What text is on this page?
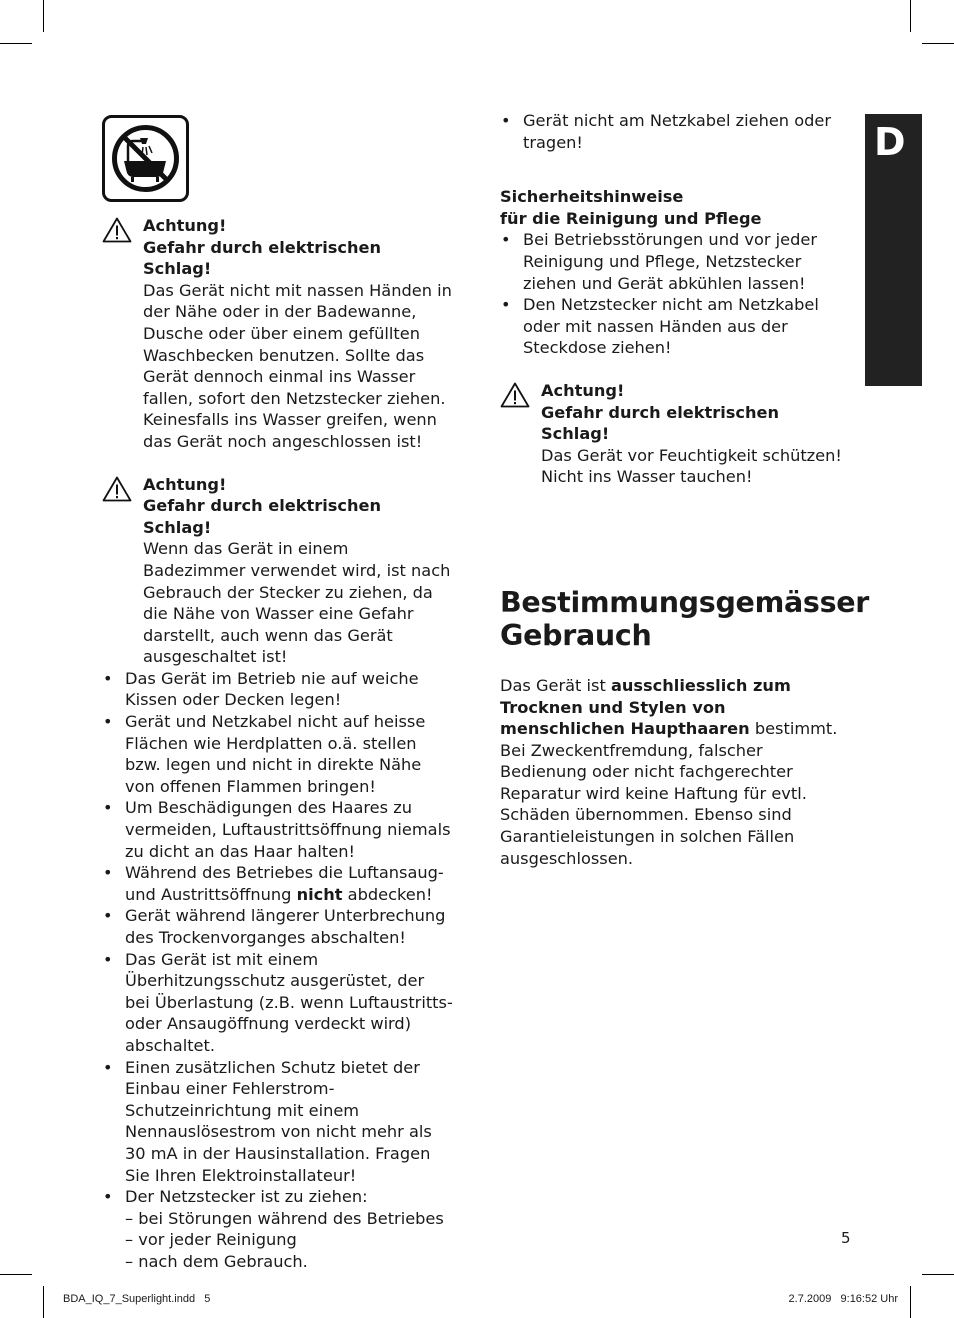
Achtung!
Gefahr durch elektrischen Schlag!
Das Gerät nicht mit nassen Händen in der Nähe oder in der Badewanne, Dusche oder über einem gefüllten Waschbecken benutzen. Sollte das Gerät dennoch einmal ins Wasser fallen, sofort den Netzstecker ziehen. Keinesfalls ins Wasser greifen, wenn das Gerät noch angeschlossen ist!
Achtung!
Gefahr durch elektrischen Schlag!
Wenn das Gerät in einem Badezimmer verwendet wird, ist nach Gebrauch der Stecker zu ziehen, da die Nähe von Wasser eine Gefahr darstellt, auch wenn das Gerät ausgeschaltet ist!
• Das Gerät im Betrieb nie auf weiche Kissen oder Decken legen!
• Gerät und Netzkabel nicht auf heisse Flächen wie Herdplatten o.ä. stellen bzw. legen und nicht in direkte Nähe von offenen Flammen bringen!
• Um Beschädigungen des Haares zu vermeiden, Luftaustrittsöffnung niemals zu dicht an das Haar halten!
• Während des Betriebes die Luftansaug- und Austrittsöffnung nicht abdecken!
• Gerät während längerer Unterbrechung des Trockenvorganges abschalten!
• Das Gerät ist mit einem Überhitzungsschutz ausgerüstet, der bei Überlastung (z.B. wenn Luftaustritts- oder Ansaugöffnung verdeckt wird) abschaltet.
• Einen zusätzlichen Schutz bietet der Einbau einer Fehlerstrom-Schutzeinrichtung mit einem Nennauslösestrom von nicht mehr als 30 mA in der Hausinstallation. Fragen Sie Ihren Elektroinstallateur!
• Der Netzstecker ist zu ziehen:
– bei Störungen während des Betriebes
– vor jeder Reinigung
– nach dem Gebrauch.
• Gerät nicht am Netzkabel ziehen oder tragen!
Sicherheitshinweise
für die Reinigung und Pflege
• Bei Betriebsstörungen und vor jeder Reinigung und Pflege, Netzstecker ziehen und Gerät abkühlen lassen!
• Den Netzstecker nicht am Netzkabel oder mit nassen Händen aus der Steckdose ziehen!
Achtung!
Gefahr durch elektrischen Schlag!
Das Gerät vor Feuchtigkeit schützen! Nicht ins Wasser tauchen!
Bestimmungsgemässer Gebrauch
Das Gerät ist ausschliesslich zum Trocknen und Stylen von menschlichen Haupthaaren bestimmt.
Bei Zweckentfremdung, falscher Bedienung oder nicht fachgerechter Reparatur wird keine Haftung für evtl. Schäden übernommen. Ebenso sind Garantieleistungen in solchen Fällen ausgeschlossen.
D
5
BDA_IQ_7_Superlight.indd   5	2.7.2009   9:16:52 Uhr
